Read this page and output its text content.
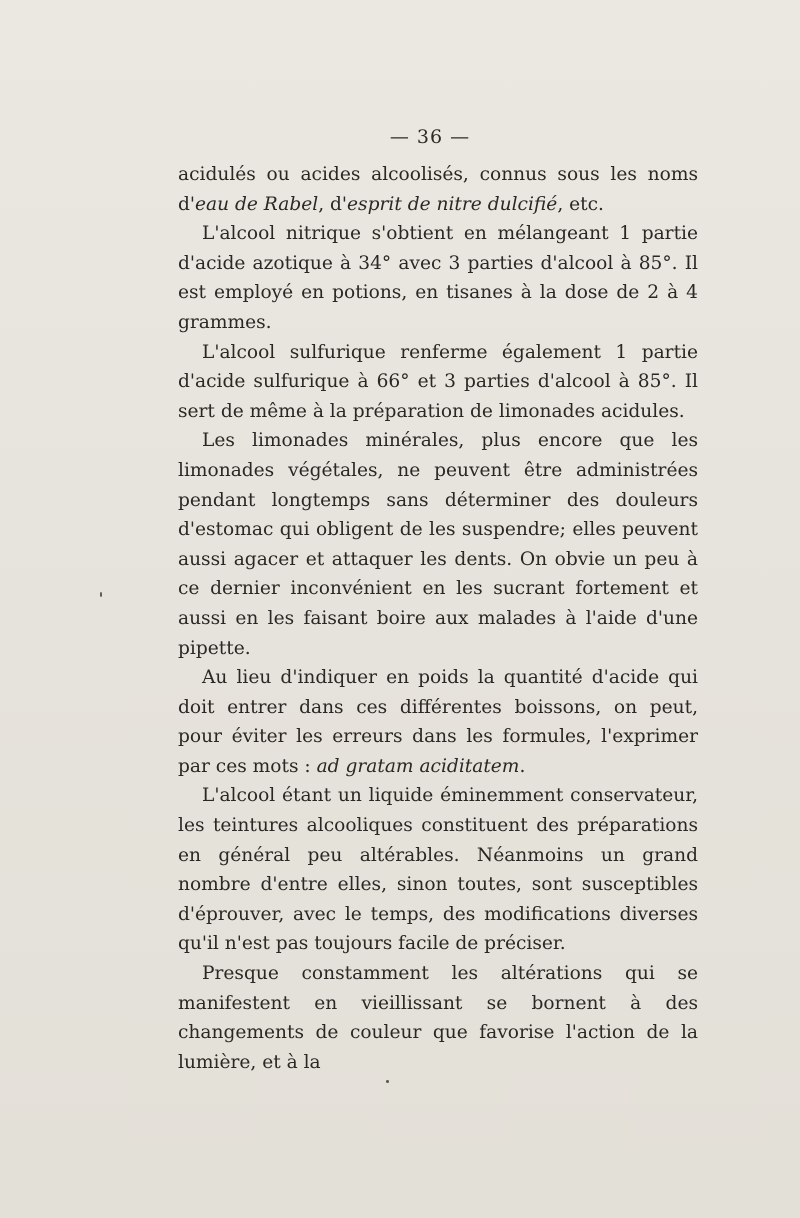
— 36 —

acidulés ou acides alcoolisés, connus sous les noms d'eau de Rabel, d'esprit de nitre dulcifié, etc.

L'alcool nitrique s'obtient en mélangeant 1 partie d'acide azotique à 34° avec 3 parties d'alcool à 85°. Il est employé en potions, en tisanes à la dose de 2 à 4 grammes.

L'alcool sulfurique renferme également 1 partie d'acide sulfurique à 66° et 3 parties d'alcool à 85°. Il sert de même à la préparation de limonades acidules.

Les limonades minérales, plus encore que les limonades végétales, ne peuvent être administrées pendant longtemps sans déterminer des douleurs d'estomac qui obligent de les suspendre; elles peuvent aussi agacer et attaquer les dents. On obvie un peu à ce dernier inconvénient en les sucrant fortement et aussi en les faisant boire aux malades à l'aide d'une pipette.

Au lieu d'indiquer en poids la quantité d'acide qui doit entrer dans ces différentes boissons, on peut, pour éviter les erreurs dans les formules, l'exprimer par ces mots : ad gratam aciditatem.

L'alcool étant un liquide éminemment conservateur, les teintures alcooliques constituent des préparations en général peu altérables. Néanmoins un grand nombre d'entre elles, sinon toutes, sont susceptibles d'éprouver, avec le temps, des modifications diverses qu'il n'est pas toujours facile de préciser.

Presque constamment les altérations qui se manifestent en vieillissant se bornent à des changements de couleur que favorise l'action de la lumière, et à la
